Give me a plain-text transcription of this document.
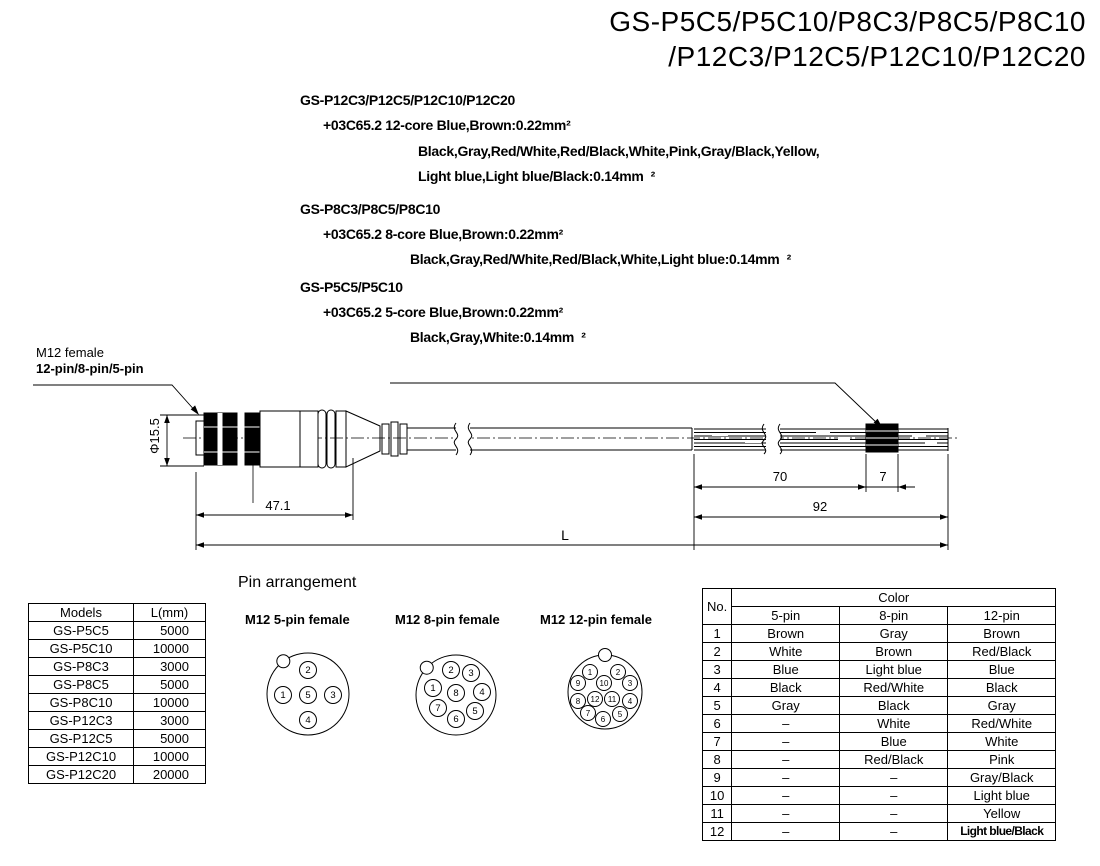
1
2
3
4
5
1
2 3
4
5
6
7
8
1	2
3
4
5
6
7
8
9 10
11
12
GS-P5C5/P5C10/P8C3/P8C5/P8C10
/P12C3/P12C5/P12C10/P12C20
GS-P12C3/P12C5/P12C10/P12C20
+03C65.2 12-core Blue,Brown:0.22mm²
Black,Gray,Red/White,Red/Black,White,Pink,Gray/Black,Yellow,
Light blue,Light blue/Black:0.14mm  ²
GS-P8C3/P8C5/P8C10
+03C65.2 8-core Blue,Brown:0.22mm²
Black,Gray,Red/White,Red/Black,White,Light blue:0.14mm  ²
GS-P5C5/P5C10
+03C65.2 5-core Blue,Brown:0.22mm²
Black,Gray,White:0.14mm  ²
M12 female
12-pin/8-pin/5-pin
Φ15.5
47.1
70	7
92
L
Pin arrangement
M12 5-pin female	M12 8-pin female	M12 12-pin female
Models	L(mm)
GS-P5C5	5000
GS-P5C10	10000
GS-P8C3	3000
GS-P8C5	5000
GS-P8C10	10000
GS-P12C3	3000
GS-P12C5	5000
GS-P12C10	10000
GS-P12C20	20000
No.	Color		
	5-pin	8-pin	12-pin
1	Brown	Gray	Brown
2	White	Brown	Red/Black
3	Blue	Light blue	Blue
4	Black	Red/White	Black
5	Gray	Black	Gray
6	–	White	Red/White
7	–	Blue	White
8	–	Red/Black	Pink
9	–	–	Gray/Black
10	–	–	Light blue
11	–	–	Yellow
12	–	–	Light blue/Black
